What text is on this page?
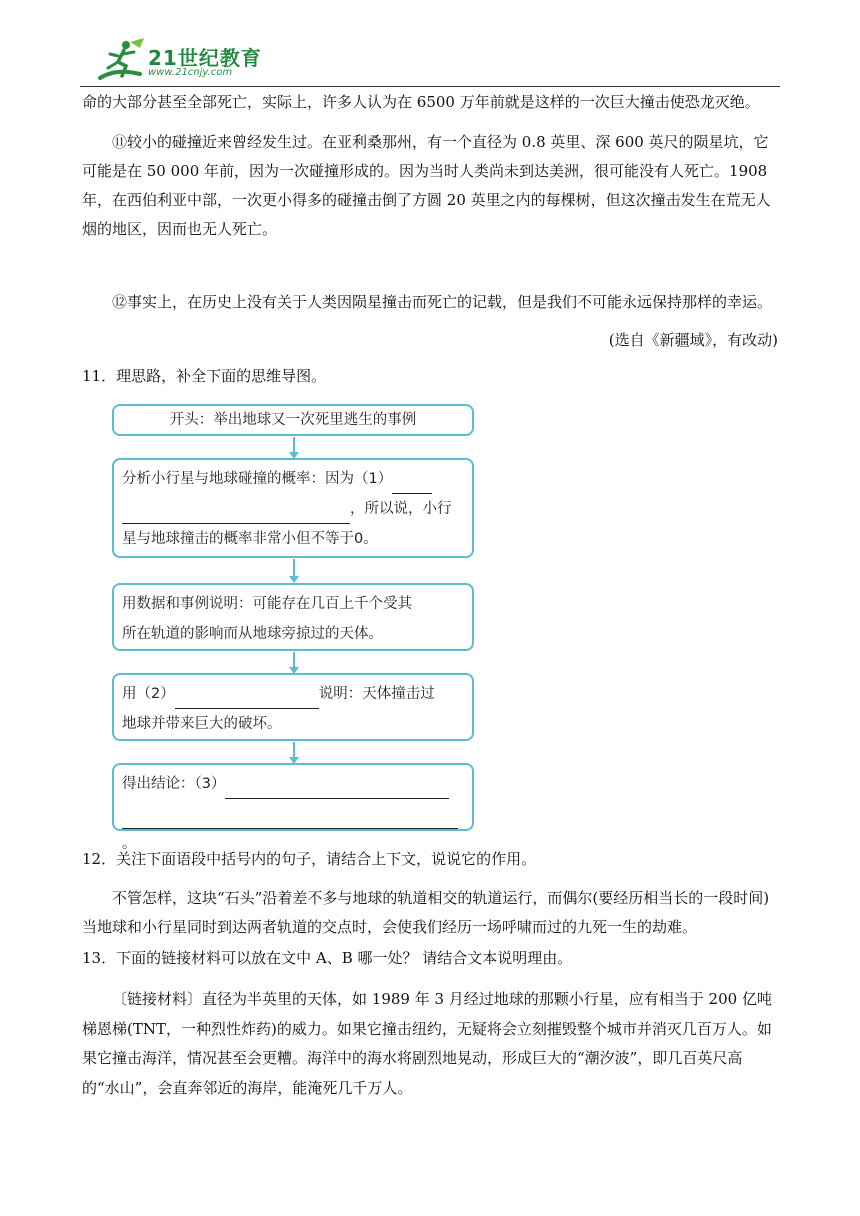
21世纪教育
www.21cnjy.com

命的大部分甚至全部死亡，实际上，许多人认为在 6500 万年前就是这样的一次巨大撞击使恐龙灭绝。

⑪较小的碰撞近来曾经发生过。在亚利桑那州，有一个直径为 0.8 英里、深 600 英尺的陨星坑，它可能是在 50 000 年前，因为一次碰撞形成的。因为当时人类尚未到达美洲，很可能没有人死亡。1908 年，在西伯利亚中部，一次更小得多的碰撞击倒了方圆 20 英里之内的每棵树，但这次撞击发生在荒无人烟的地区，因而也无人死亡。

⑫事实上，在历史上没有关于人类因陨星撞击而死亡的记载，但是我们不可能永远保持那样的幸运。

(选自《新疆域》，有改动)

11．理思路，补全下面的思维导图。

开头：举出地球又一次死里逃生的事例
分析小行星与地球碰撞的概率：因为（1）
，所以说，小行
星与地球撞击的概率非常小但不等于0。
用数据和事例说明：可能存在几百上千个受其
所在轨道的影响而从地球旁掠过的天体。
用（2）	说明：天体撞击过
地球并带来巨大的破坏。
得出结论：（3）
。

12．关注下面语段中括号内的句子，请结合上下文，说说它的作用。

不管怎样，这块“石头”沿着差不多与地球的轨道相交的轨道运行，而偶尔(要经历相当长的一段时间)当地球和小行星同时到达两者轨道的交点时，会使我们经历一场呼啸而过的九死一生的劫难。

13．下面的链接材料可以放在文中 A、B 哪一处？ 请结合文本说明理由。

〔链接材料〕直径为半英里的天体，如 1989 年 3 月经过地球的那颗小行星，应有相当于 200 亿吨梯恩梯(TNT，一种烈性炸药)的威力。如果它撞击纽约，无疑将会立刻摧毁整个城市并消灭几百万人。如果它撞击海洋，情况甚至会更糟。海洋中的海水将剧烈地晃动，形成巨大的“潮汐波”，即几百英尺高的“水山”，会直奔邻近的海岸，能淹死几千万人。
